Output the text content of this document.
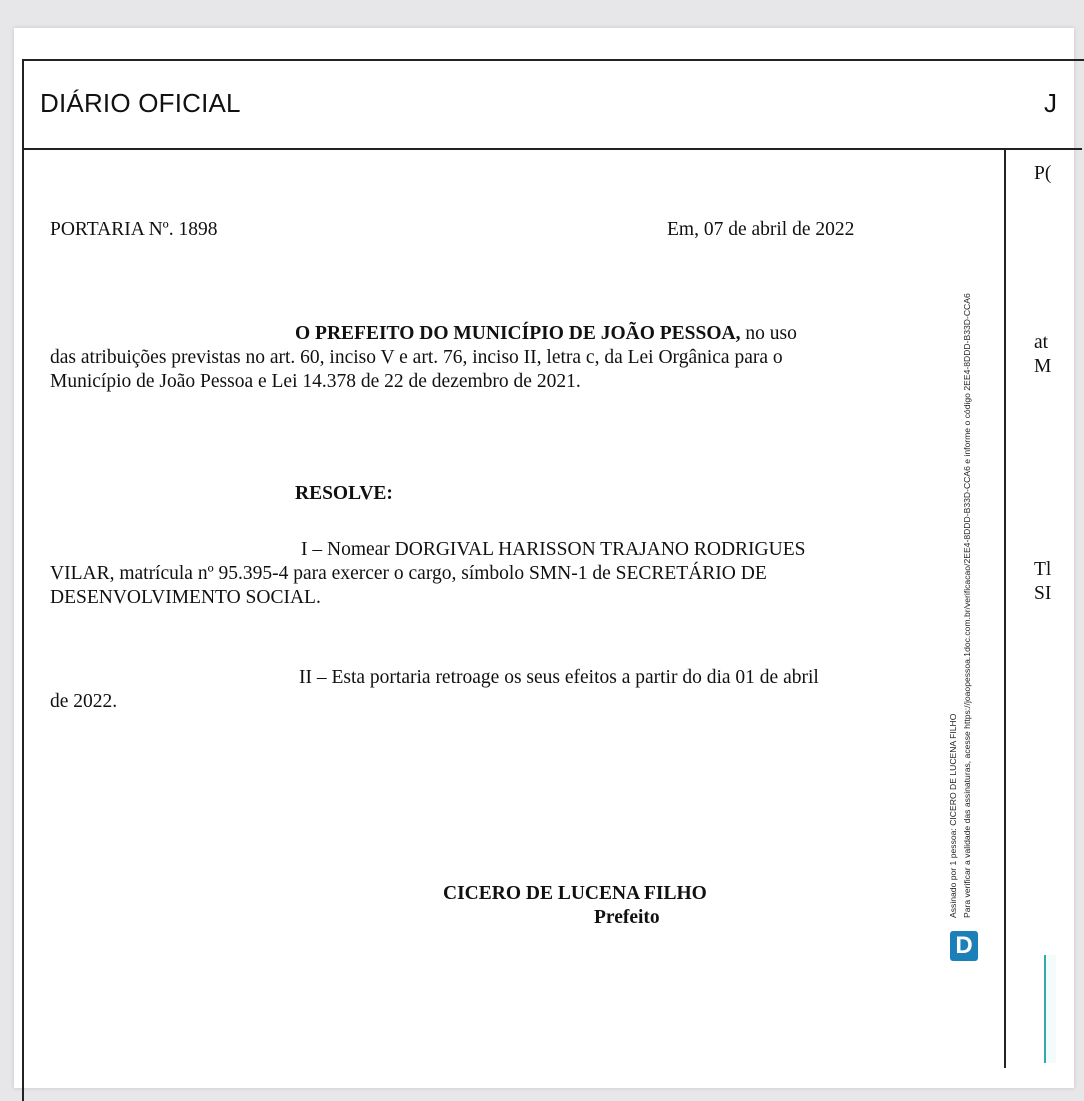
DIÁRIO OFICIAL	J
PORTARIA Nº. 1898	Em, 07 de abril de 2022
O PREFEITO DO MUNICÍPIO DE JOÃO PESSOA, no uso
das atribuições previstas no art. 60, inciso V e art. 76, inciso II, letra c, da Lei Orgânica para o
Município de João Pessoa e Lei 14.378 de 22 de dezembro de 2021.
RESOLVE:
I – Nomear DORGIVAL HARISSON TRAJANO RODRIGUES
VILAR, matrícula nº 95.395-4 para exercer o cargo, símbolo SMN-1 de SECRETÁRIO DE
DESENVOLVIMENTO SOCIAL.
II – Esta portaria retroage os seus efeitos a partir do dia 01 de abril
de 2022.
CICERO DE LUCENA FILHO
Prefeito	Assinado por 1 pessoa: CICERO DE LUCENA FILHO Para verificar a validade das assinaturas, acesse https://joaopessoa.1doc.com.br/verificacao/2EE4-8DDD-B33D-CCA6 e informe o código 2EE4-8DDD-B33D-CCA6
D
P(
at
M
Tl
SI
